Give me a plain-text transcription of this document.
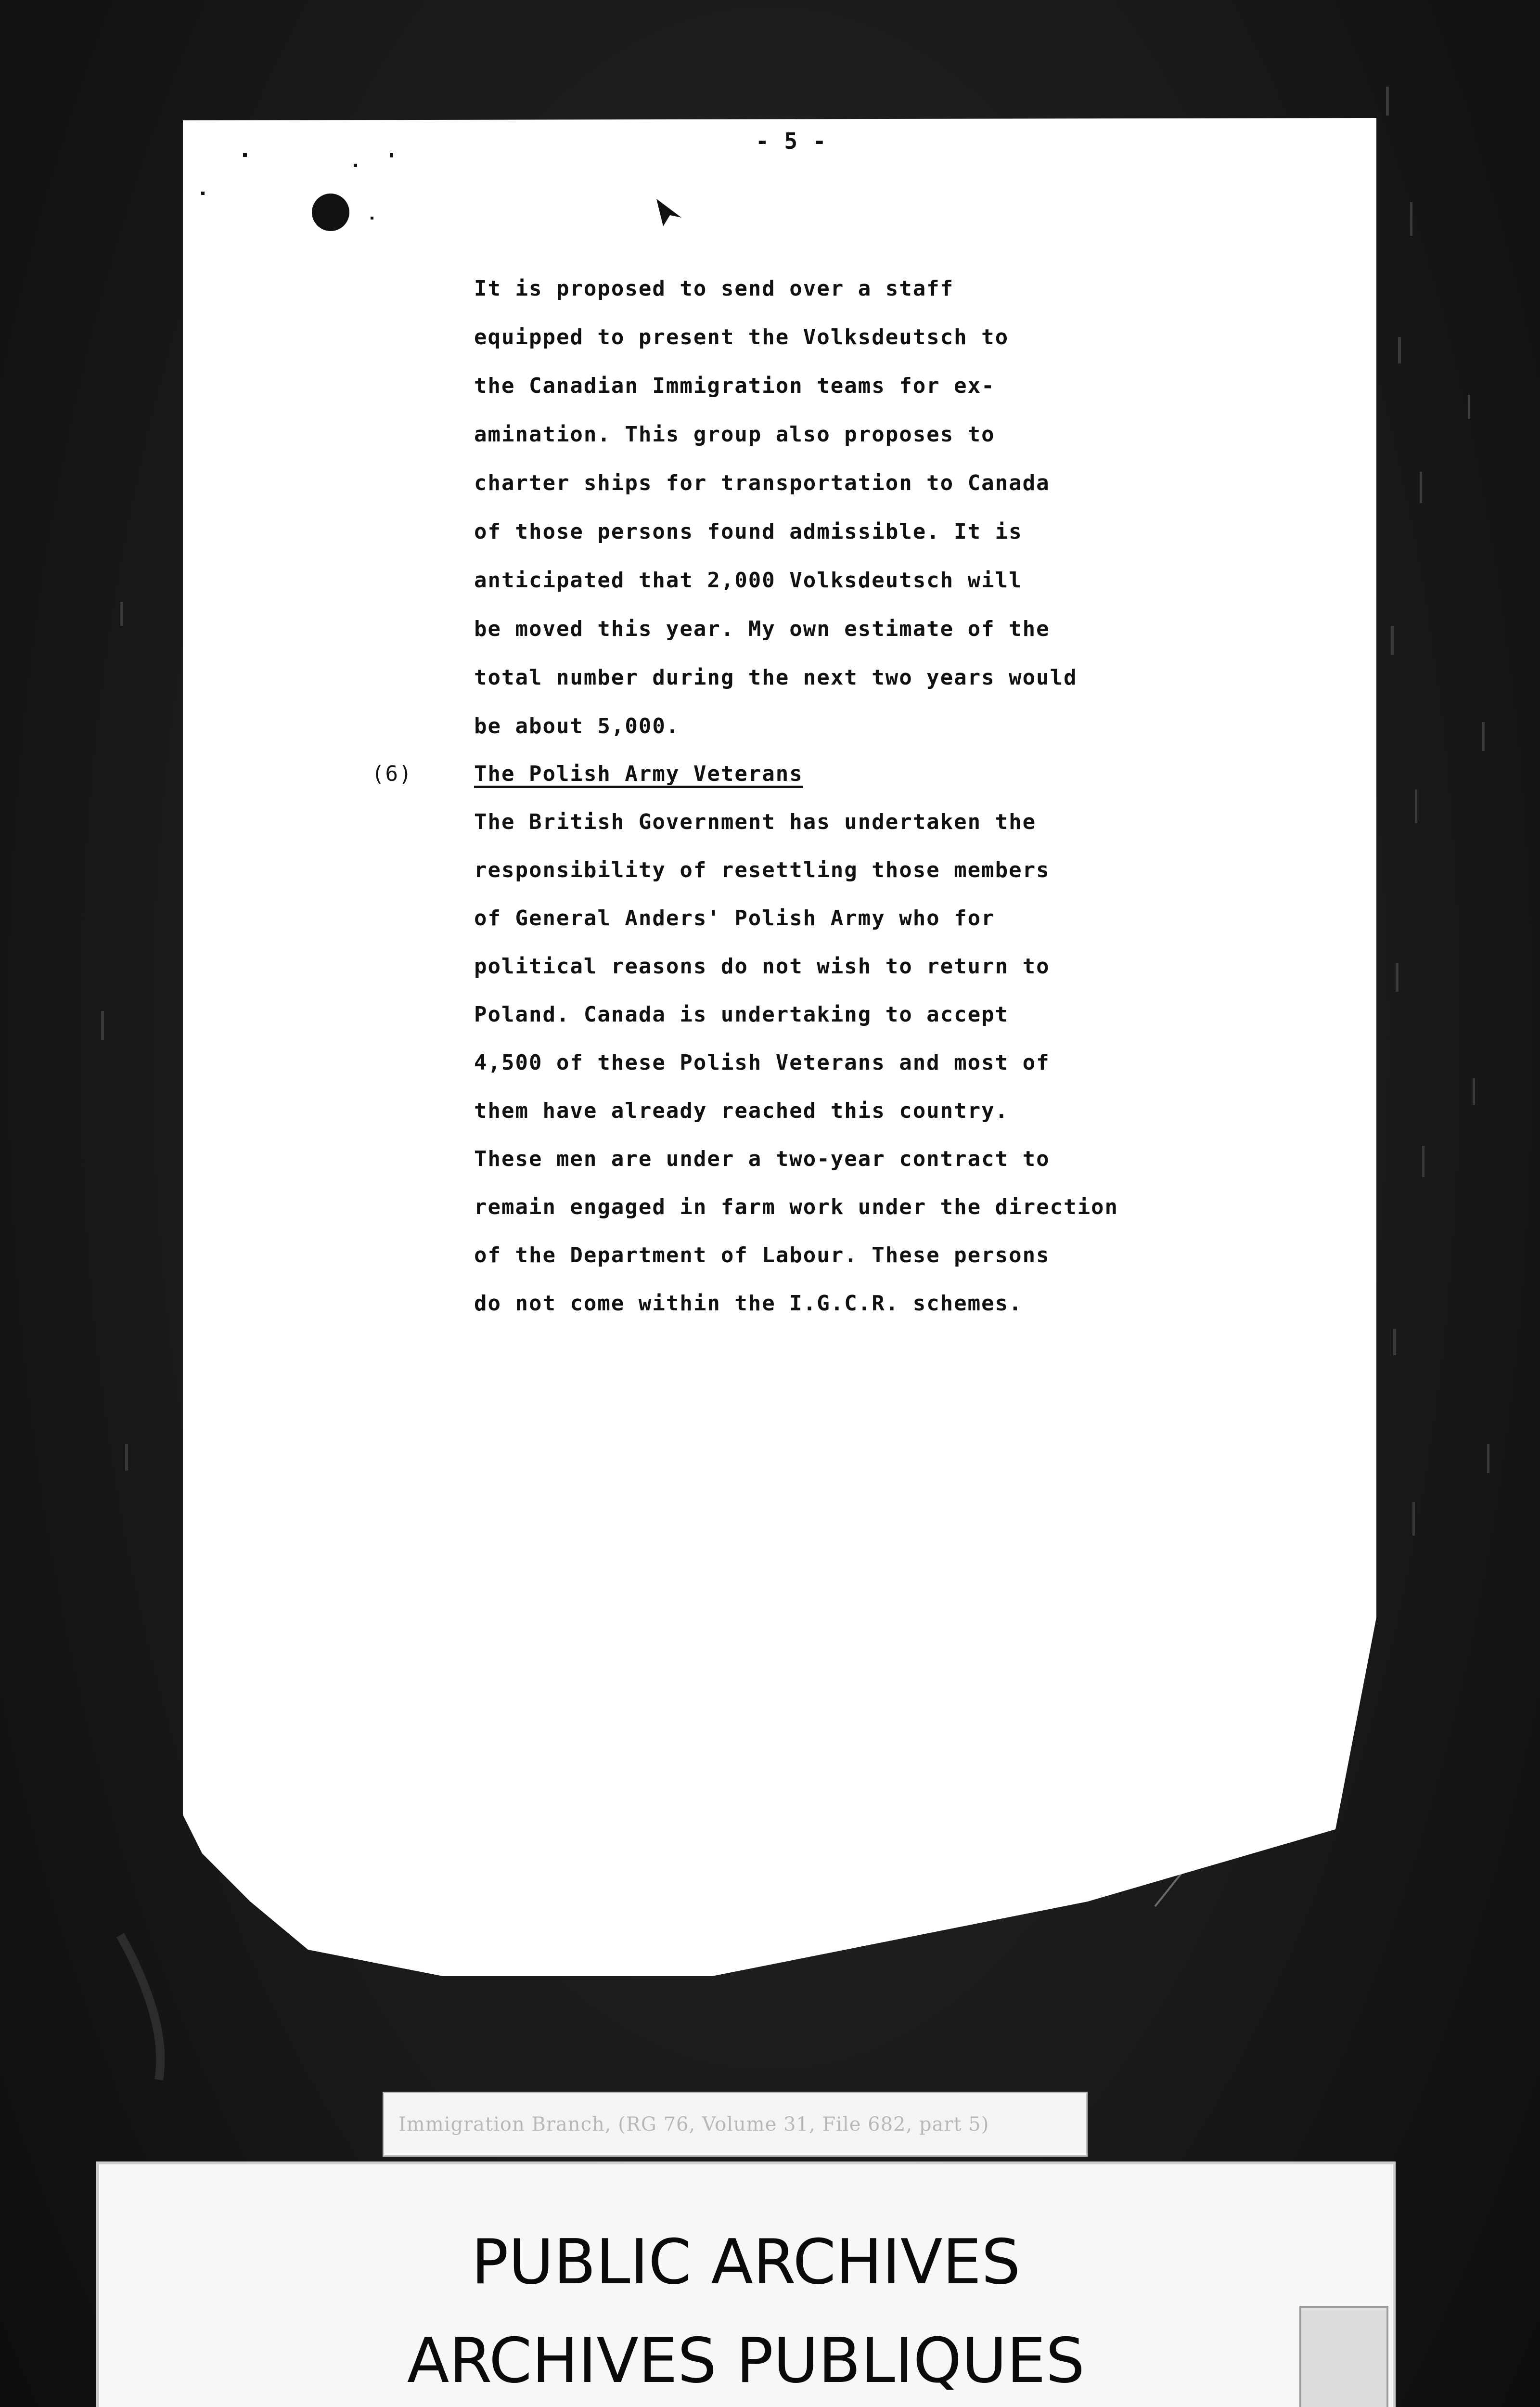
- 5 -
It is proposed to send over a staff
equipped to present the Volksdeutsch to
the Canadian Immigration teams for ex-
amination. This group also proposes to
charter ships for transportation to Canada
of those persons found admissible. It is
anticipated that 2,000 Volksdeutsch will
be moved this year. My own estimate of the
total number during the next two years would
be about 5,000.
(6)	The Polish Army Veterans
The British Government has undertaken the
responsibility of resettling those members
of General Anders' Polish Army who for
political reasons do not wish to return to
Poland. Canada is undertaking to accept
4,500 of these Polish Veterans and most of
them have already reached this country.
These men are under a two-year contract to
remain engaged in farm work under the direction
of the Department of Labour. These persons
do not come within the I.G.C.R. schemes.
Immigration Branch, (RG 76, Volume 31, File 682, part 5)
PUBLIC ARCHIVES
ARCHIVES PUBLIQUES
